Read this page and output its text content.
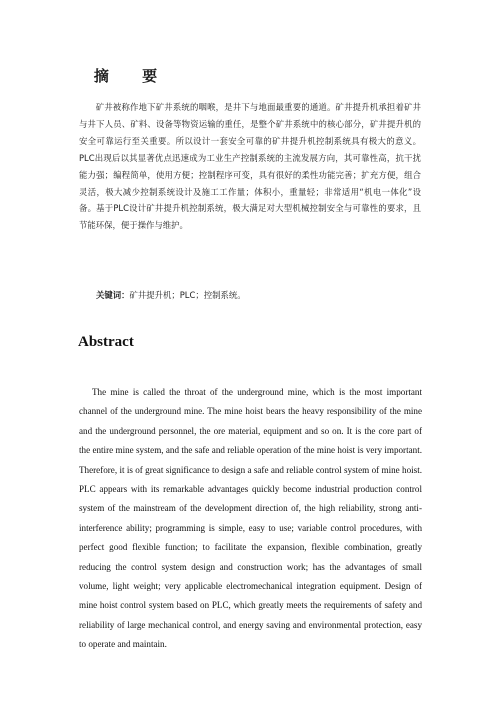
摘 要

矿井被称作地下矿井系统的咽喉，是井下与地面最重要的通道。矿井提升机承担着矿井与井下人员、矿料、设备等物资运输的重任，是整个矿井系统中的核心部分，矿井提升机的安全可靠运行至关重要。所以设计一套安全可靠的矿井提升机控制系统具有极大的意义。PLC出现后以其显著优点迅速成为工业生产控制系统的主流发展方向，其可靠性高，抗干扰能力强；编程简单，使用方便；控制程序可变，具有很好的柔性功能完善；扩充方便，组合灵活，极大减少控制系统设计及施工工作量；体积小，重量轻；非常适用“机电一体化”设备。基于PLC设计矿井提升机控制系统，极大满足对大型机械控制安全与可靠性的要求，且节能环保，便于操作与维护。

关键词：矿井提升机；PLC；控制系统。

Abstract

The mine is called the throat of the underground mine, which is the most important channel of the underground mine. The mine hoist bears the heavy responsibility of the mine and the underground personnel, the ore material, equipment and so on. It is the core part of the entire mine system, and the safe and reliable operation of the mine hoist is very important. Therefore, it is of great significance to design a safe and reliable control system of mine hoist. PLC appears with its remarkable advantages quickly become industrial production control system of the mainstream of the development direction of, the high reliability, strong anti-interference ability; programming is simple, easy to use; variable control procedures, with perfect good flexible function; to facilitate the expansion, flexible combination, greatly reducing the control system design and construction work; has the advantages of small volume, light weight; very applicable electromechanical integration equipment. Design of mine hoist control system based on PLC, which greatly meets the requirements of safety and reliability of large mechanical control, and energy saving and environmental protection, easy to operate and maintain.
